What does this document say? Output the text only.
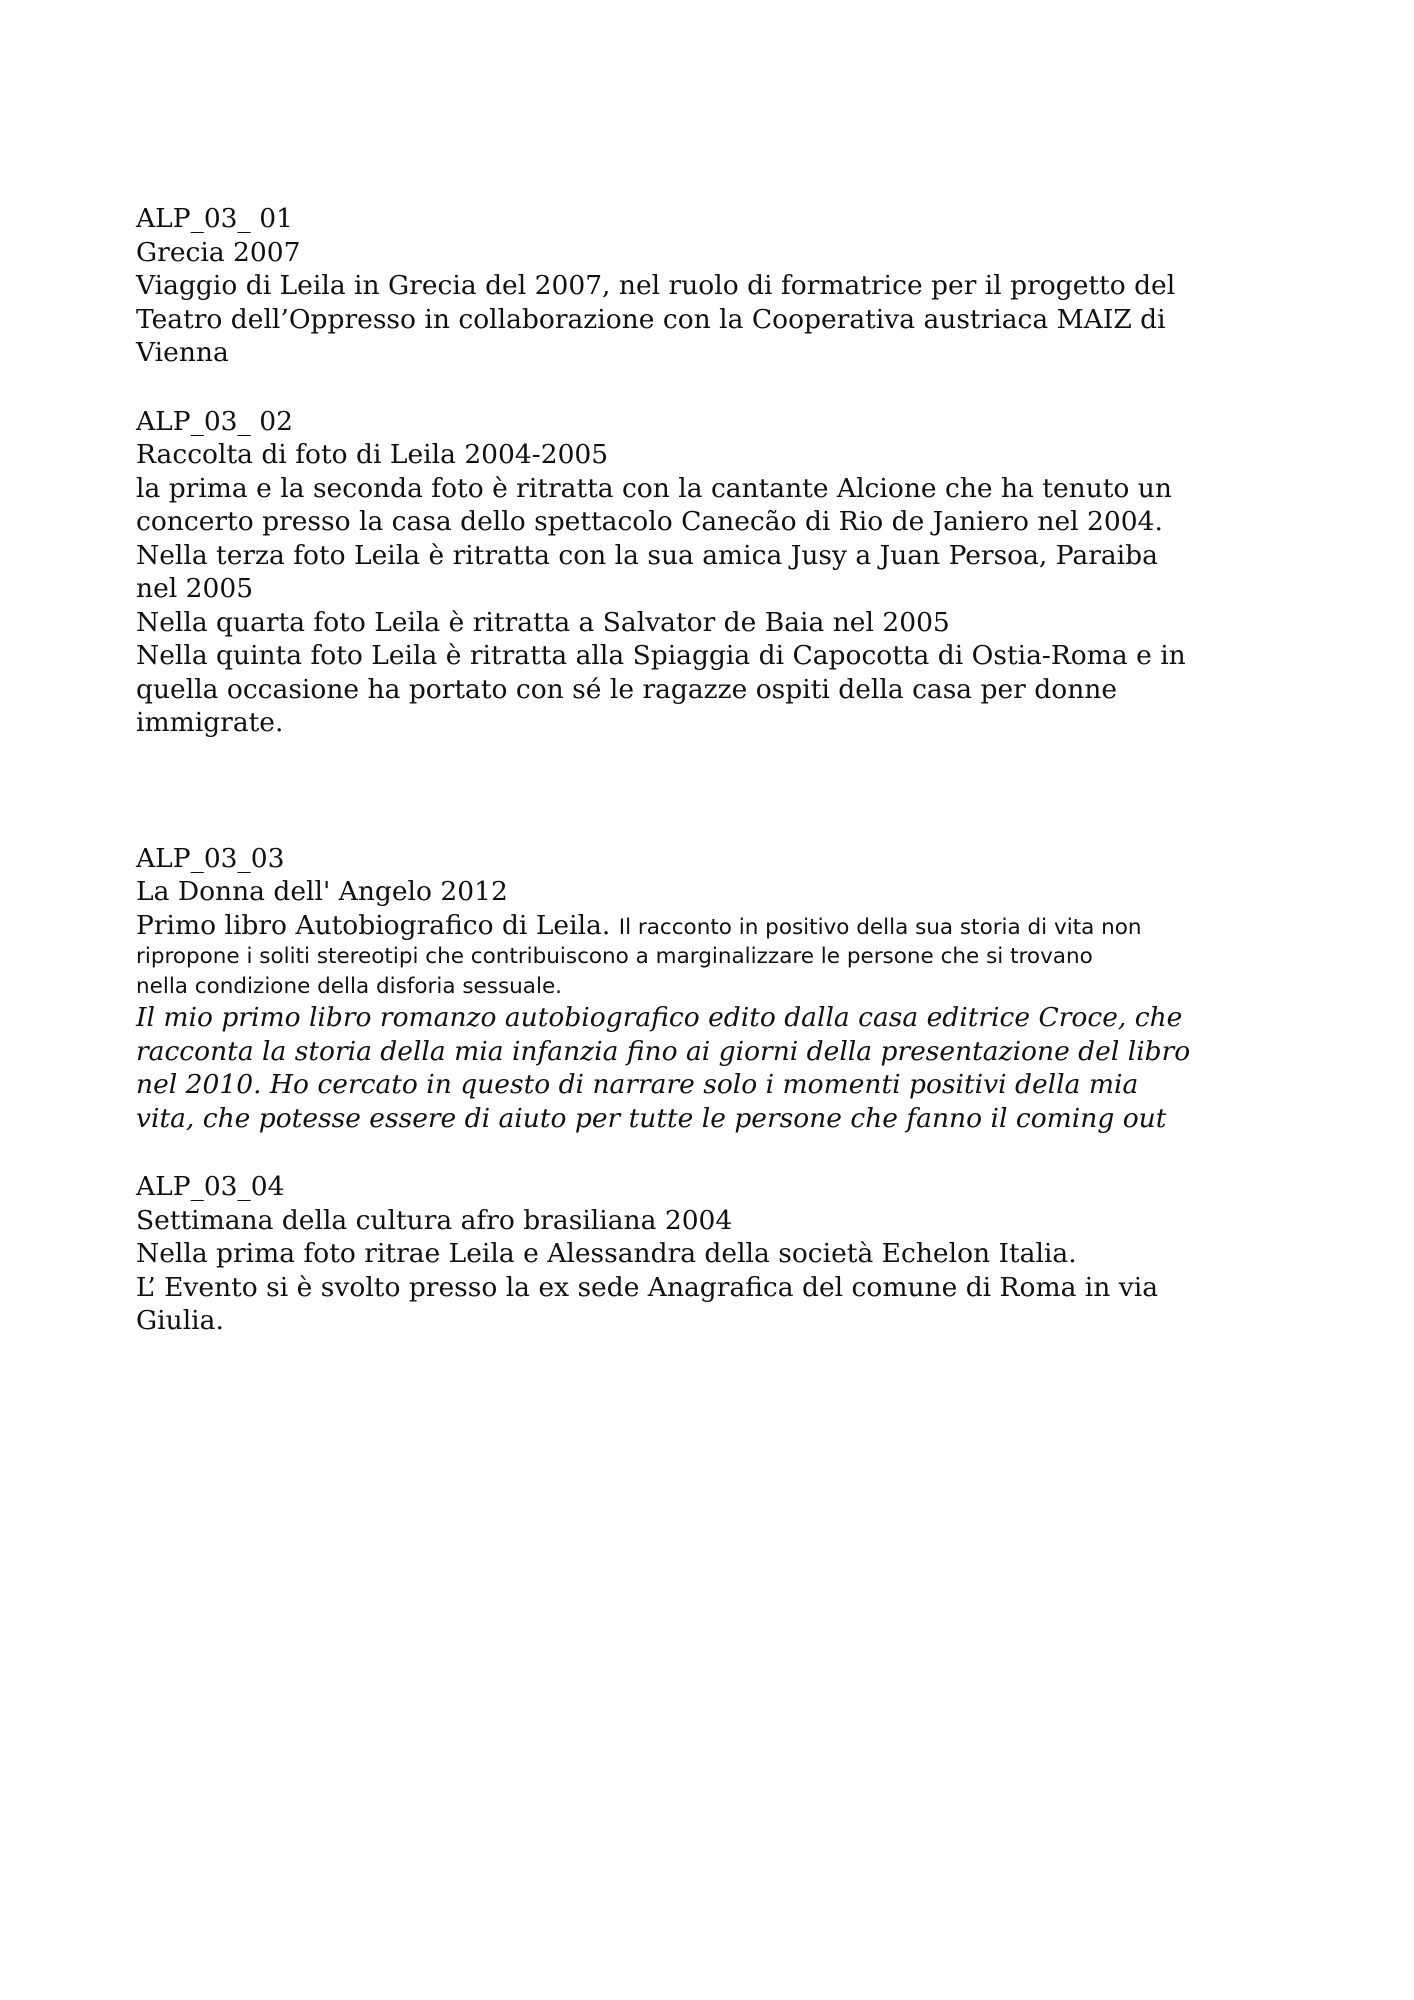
ALP_03_ 01

Grecia 2007

Viaggio di Leila in Grecia del 2007, nel ruolo di formatrice per il progetto del

Teatro dell’Oppresso in collaborazione con la Cooperativa austriaca MAIZ di

Vienna

ALP_03_ 02

Raccolta di foto di Leila 2004-2005

la prima e la seconda foto è ritratta con la cantante Alcione che ha tenuto un

concerto presso la casa dello spettacolo Canecão di Rio de Janiero nel 2004.

Nella terza foto Leila è ritratta con la sua amica Jusy a Juan Persoa, Paraiba

nel 2005

Nella quarta foto Leila è ritratta a Salvator de Baia nel 2005

Nella quinta foto Leila è ritratta alla Spiaggia di Capocotta di Ostia-Roma e in

quella occasione ha portato con sé le ragazze ospiti della casa per donne

immigrate.

ALP_03_03

La Donna dell' Angelo 2012

Primo libro Autobiografico di Leila. Il racconto in positivo della sua storia di vita non

ripropone i soliti stereotipi che contribuiscono a marginalizzare le persone che si trovano

nella condizione della disforia sessuale.

Il mio primo libro romanzo autobiografico edito dalla casa editrice Croce, che

racconta la storia della mia infanzia fino ai giorni della presentazione del libro

nel 2010. Ho cercato in questo di narrare solo i momenti positivi della mia

vita, che potesse essere di aiuto per tutte le persone che fanno il coming out

ALP_03_04

Settimana della cultura afro brasiliana 2004

Nella prima foto ritrae Leila e Alessandra della società Echelon Italia.

L’ Evento si è svolto presso la ex sede Anagrafica del comune di Roma in via

Giulia.
